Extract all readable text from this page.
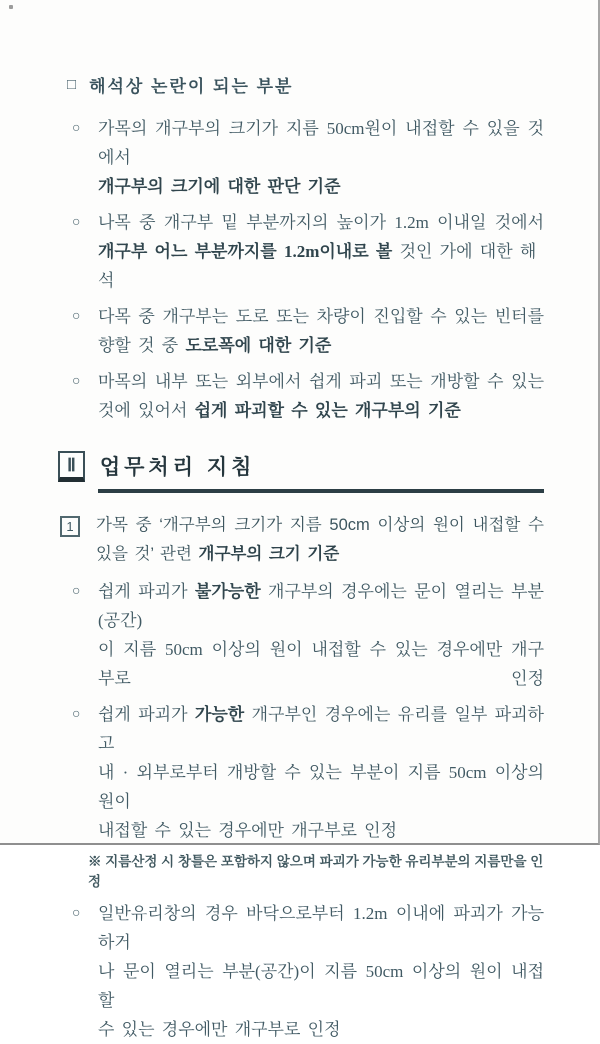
□ 해석상 논란이 되는 부분
○	가목의 개구부의 크기가 지름 50cm원이 내접할 수 있을 것에서
개구부의 크기에 대한 판단 기준
○	나목 중 개구부 밑 부분까지의 높이가 1.2m 이내일 것에서
개구부 어느 부분까지를 1.2m이내로 볼 것인 가에 대한 해석
○	다목 중 개구부는 도로 또는 차량이 진입할 수 있는 빈터를
향할 것 중 도로폭에 대한 기준
○	마목의 내부 또는 외부에서 쉽게 파괴 또는 개방할 수 있는
것에 있어서 쉽게 파괴할 수 있는 개구부의 기준
Ⅱ	업무처리 지침
1	가목 중 ‘개구부의 크기가 지름 50cm 이상의 원이 내접할 수
있을 것’ 관련 개구부의 크기 기준
○	쉽게 파괴가 불가능한 개구부의 경우에는 문이 열리는 부분(공간)
이 지름 50cm 이상의 원이 내접할 수 있는 경우에만 개구부로 인정
○	쉽게 파괴가 가능한 개구부인 경우에는 유리를 일부 파괴하고
내 · 외부로부터 개방할 수 있는 부분이 지름 50cm 이상의 원이
내접할 수 있는 경우에만 개구부로 인정
※ 지름산정 시 창틀은 포함하지 않으며 파괴가 가능한 유리부분의 지름만을 인정
○	일반유리창의 경우 바닥으로부터 1.2m 이내에 파괴가 가능하거
나 문이 열리는 부분(공간)이 지름 50cm 이상의 원이 내접할
수 있는 경우에만 개구부로 인정
